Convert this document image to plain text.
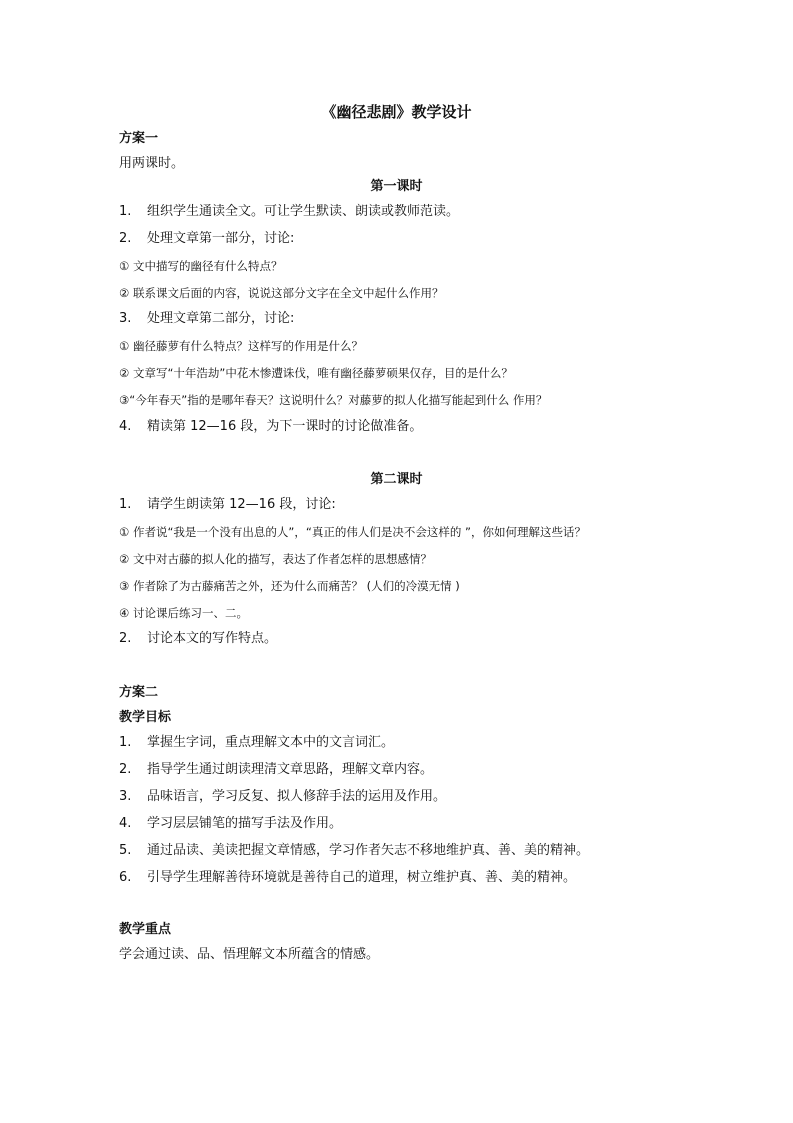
《幽径悲剧》教学设计
方案一
用两课时。
第一课时
1. 组织学生通读全文。可让学生默读、朗读或教师范读。
2. 处理文章第一部分，讨论:
① 文中描写的幽径有什么特点？
② 联系课文后面的内容，说说这部分文字在全文中起什么作用？
3. 处理文章第二部分，讨论:
① 幽径藤萝有什么特点？这样写的作用是什么？
② 文章写“十年浩劫”中花木惨遭诛伐，唯有幽径藤萝硕果仅存，目的是什么？
③“今年春天”指的是哪年春天？这说明什么？对藤萝的拟人化描写能起到什么 作用？
4. 精读第 12—16 段，为下一课时的讨论做准备。
第二课时
1. 请学生朗读第 12—16 段，讨论:
① 作者说“我是一个没有出息的人”，“真正的伟人们是决不会这样的 ”，你如何理解这些话？
② 文中对古藤的拟人化的描写，表达了作者怎样的思想感情？
③ 作者除了为古藤痛苦之外，还为什么而痛苦？ (人们的冷漠无情 )
④ 讨论课后练习一、二。
2. 讨论本文的写作特点。
方案二
教学目标
1. 掌握生字词，重点理解文本中的文言词汇。
2. 指导学生通过朗读理清文章思路，理解文章内容。
3. 品味语言，学习反复、拟人修辞手法的运用及作用。
4. 学习层层铺笔的描写手法及作用。
5. 通过品读、美读把握文章情感，学习作者矢志不移地维护真、善、美的精神。
6. 引导学生理解善待环境就是善待自己的道理，树立维护真、善、美的精神。
教学重点
学会通过读、品、悟理解文本所蕴含的情感。
